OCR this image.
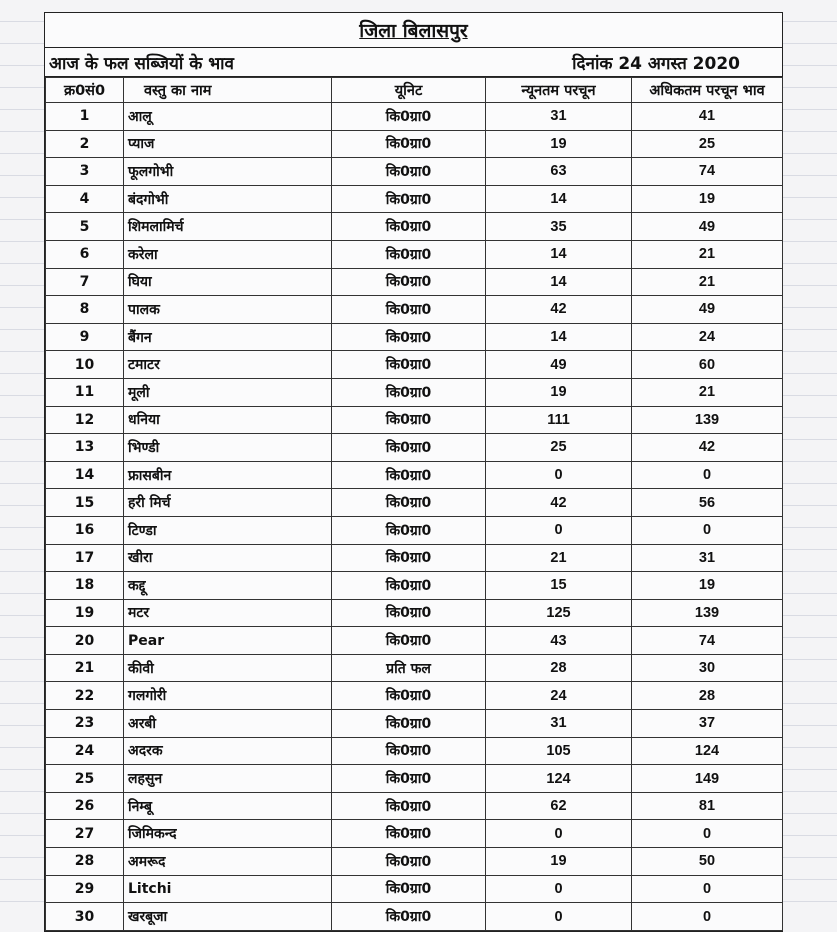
जिला बिलासपुर
आज के फल सब्जियों के भाव	दिनांक 24 अगस्त 2020
क्र0सं0	वस्तु का नाम	यूनिट	न्यूनतम परचून	अधिकतम परचून भाव
1	आलू	कि0ग्रा0	31	41
2	प्याज	कि0ग्रा0	19	25
3	फूलगोभी	कि0ग्रा0	63	74
4	बंदगोभी	कि0ग्रा0	14	19
5	शिमलामिर्च	कि0ग्रा0	35	49
6	करेला	कि0ग्रा0	14	21
7	घिया	कि0ग्रा0	14	21
8	पालक	कि0ग्रा0	42	49
9	बैंगन	कि0ग्रा0	14	24
10	टमाटर	कि0ग्रा0	49	60
11	मूली	कि0ग्रा0	19	21
12	धनिया	कि0ग्रा0	111	139
13	भिण्डी	कि0ग्रा0	25	42
14	फ्रासबीन	कि0ग्रा0	0	0
15	हरी मिर्च	कि0ग्रा0	42	56
16	टिण्डा	कि0ग्रा0	0	0
17	खीरा	कि0ग्रा0	21	31
18	कद्दू	कि0ग्रा0	15	19
19	मटर	कि0ग्रा0	125	139
20	Pear	कि0ग्रा0	43	74
21	कीवी	प्रति फल	28	30
22	गलगोरी	कि0ग्रा0	24	28
23	अरबी	कि0ग्रा0	31	37
24	अदरक	कि0ग्रा0	105	124
25	लहसुन	कि0ग्रा0	124	149
26	निम्बू	कि0ग्रा0	62	81
27	जिमिकन्द	कि0ग्रा0	0	0
28	अमरूद	कि0ग्रा0	19	50
29	Litchi	कि0ग्रा0	0	0
30	खरबूजा	कि0ग्रा0	0	0
